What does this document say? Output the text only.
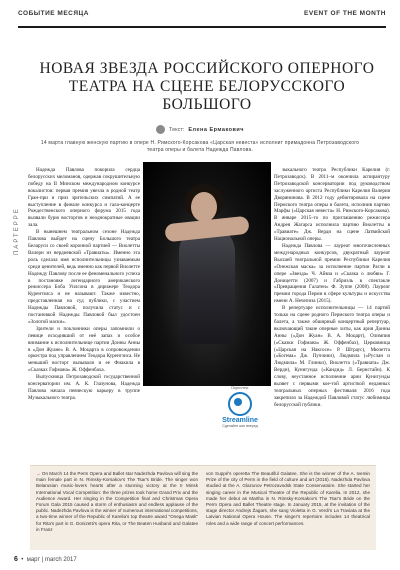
СОБЫТИЕ МЕСЯЦА	EVENT OF THE MONTH
ПАРТЕРРЕ
НОВАЯ ЗВЕЗДА РОССИЙСКОГО ОПЕРНОГО ТЕАТРА НА СЦЕНЕ БЕЛОРУССКОГО БОЛЬШОГО
Текст: Елена Ермакович
14 марта главную женскую партию в опере Н. Римского-Корсакова «Царская невеста» исполнит примадонна Петрозаводского театра оперы и балета Надежда Павлова.

Надежда Павлова покорила сердца белорусских меломанов, одержав сокрушительную победу на II Минском международном конкурсе вокалистов: первая премия увезла в родной театр Гран-при и приз зрительских симпатий. А ее выступление в финале конкурса и гала-концерте Рождественского оперного форума 2015 года вызвали бурю восторгов и неоднократные овации зала.

В нынешнем театральном сезоне Надежда Павлова выйдет на сцену Большого театра Беларуси со своей коронной партией — Виолетты Валери из вердиевской «Травиаты». Именно эта роль сделала имя исполнительницы узнаваемым среди ценителей, ведь именно как первой Виолетте Надежду Павлову после ее феноменального успеха в постановке легендарного американского режиссера Боба Уилсона в дирижере Теодора Курентзиса и не называют. Также известно, представленная на суд публики, с участием Надежды Павловой, получила статус и с постановкой Надежды Павловой был удостоен «Золотой маски».

Зрители и поклонники оперы запомнили о певице исходивший от неё запах и особое внимание к исполнительнице партии Донны Анны в «Дон Жуане» В. А. Моцарта в сопровождении оркестра под управлением Теодора Курентзиса. Не меньший восторг вызывали и ее Фиакила в «Сказках Гофмана» Ж. Оффенбаха.

Выпускница Петрозаводской государственной консерватории им. А. К. Глазунова, Надежда Павлова начала певческую карьеру в труппе Музыкального театра.

зыкального театра Республики Карелия (г. Петрозаводск). В 2011–м окончила аспирантуру Петрозаводской консерватории под руководством заслуженного артиста Республики Карелия Валерия Дворянинова. В 2012 году дебютировала на сцене Пермского театра оперы и балета, исполнив партию Марфы («Царская невеста» Н. Римского-Корсакова). В январе 2015–го по приглашению режиссера Андрея Жагарса исполнила партию Виолетты в «Травиате» Дж. Верди на сцене Латвийской Национальной оперы.

Надежда Павлова — лауреат многочисленных международных конкурсов, двукратный лауреат Высшей театральной премии Республики Карелия «Онежская маска» за исполнение партии Рагли в опере «Звезда» Ч. Айвза и «Сказка о любви» Г. Доницетти (2007) и Габриэль в спектакле «Превращения Галатеи» Ф. Зуппе (2008). Лауреат премии города Перми в сфере культуры и искусства имени А. Нечепиза (2015).

В репертуаре исполнительницы — 14 партий только на сцене родного Пермского театра оперы и балета, а также обширный концертный репертуар, включающий такие оперные хиты, как ария Донны Анны («Дон Жуан» В. А. Моцарт), Олимпия («Сказки Гофмана» Ж. Оффенбах), Церковница («Царская на Наксосе» Р. Штраус), Мюзетта («Богема» Дж. Пуччини), Людмила («Руслан и Людмила» М. Глинки), Виолетта («Травиата» Дж. Верди), Кунигунда («Кандид» Л. Бернстайн). К слову, неустанное исполнение арии Кунигунды вызвет с первыми кое-той артисткой неданных театральных оперных фестиваля 2016 года закрепило за Надеждой Павловой статус любимицы белорусской публики.

Партнер:
Streamline
Сделайте шаг вперед
→ On March 14 the Perm Opera and Ballet star Nadezhda Pavlova will sing the main female part in N. Rimsky-Korsakov's The Tsar's Bride. The singer won Belarusian music-lovers hearts after a stunning victory at the II Minsk International Vocal Competition: the three prizes took home Grand Prix and the Audience Award. Her singing in the Competition final and Christmas Opera Forum Gala 2015 caused a storm of enthusiasm and endless applause of the public. Nadezhda Pavlova is the winner of numerous international competitions, a two-time winner of the Republic of Karelia's top theatre award "Onega Mask" for Rita's part in G. Donizetti's opera Rita, or The Beaten Husband and Galatee in Franz
von Suppé's operetta The Beautiful Galatee. She is the winner of the A. Ivemin Prize of the city of Perm in the field of culture and art (2015). Nadezhda Pavlova studied at the A. Glazunov Petrozavodsk State Conservatoire. She started her singing career in the Musical Theatre of the Republic of Karelia. In 2012, she made her debut as Martha in N. Rimsky-Korsakov's The Tsar's Bride on the Perm Opera and Ballet Theatre stage. In January 2015, at the invitation of the stage director Andrejs Žagars, she sang Violetta in G. Verdi's La Traviata at the Latvian National Opera House. The singer's repertoire includes 14 theatrical roles and a wide range of concert performances.
6  •  март | march 2017
